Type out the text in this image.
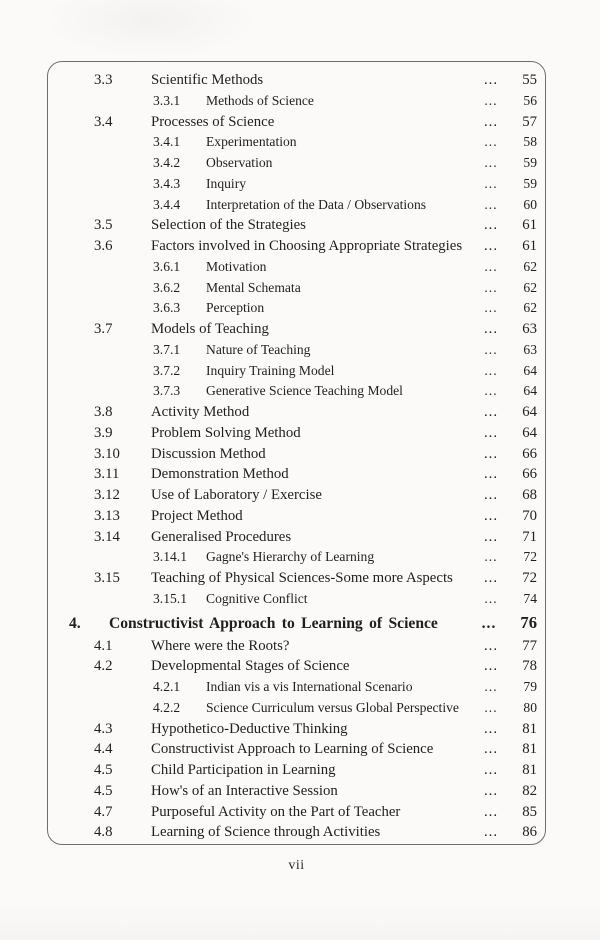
3.3	Scientific Methods	...	55
3.3.1	Methods of Science	...	56
3.4	Processes of Science	...	57
3.4.1	Experimentation	...	58
3.4.2	Observation	...	59
3.4.3	Inquiry	...	59
3.4.4	Interpretation of the Data / Observations	...	60
3.5	Selection of the Strategies	...	61
3.6	Factors involved in Choosing Appropriate Strategies	...	61
3.6.1	Motivation	...	62
3.6.2	Mental Schemata	...	62
3.6.3	Perception	...	62
3.7	Models of Teaching	...	63
3.7.1	Nature of Teaching	...	63
3.7.2	Inquiry Training Model	...	64
3.7.3	Generative Science Teaching Model	...	64
3.8	Activity Method	...	64
3.9	Problem Solving Method	...	64
3.10	Discussion Method	...	66
3.11	Demonstration Method	...	66
3.12	Use of Laboratory / Exercise	...	68
3.13	Project Method	...	70
3.14	Generalised Procedures	...	71
3.14.1	Gagne's Hierarchy of Learning	...	72
3.15	Teaching of Physical Sciences-Some more Aspects	...	72
3.15.1	Cognitive Conflict	...	74
4.	Constructivist Approach to Learning of Science	...	76
4.1	Where were the Roots?	...	77
4.2	Developmental Stages of Science	...	78
4.2.1	Indian vis a vis International Scenario	...	79
4.2.2	Science Curriculum versus Global Perspective	...	80
4.3	Hypothetico-Deductive Thinking	...	81
4.4	Constructivist Approach to Learning of Science	...	81
4.5	Child Participation in Learning	...	81
4.5	How's of an Interactive Session	...	82
4.7	Purposeful Activity on the Part of Teacher	...	85
4.8	Learning of Science through Activities	...	86
vii
